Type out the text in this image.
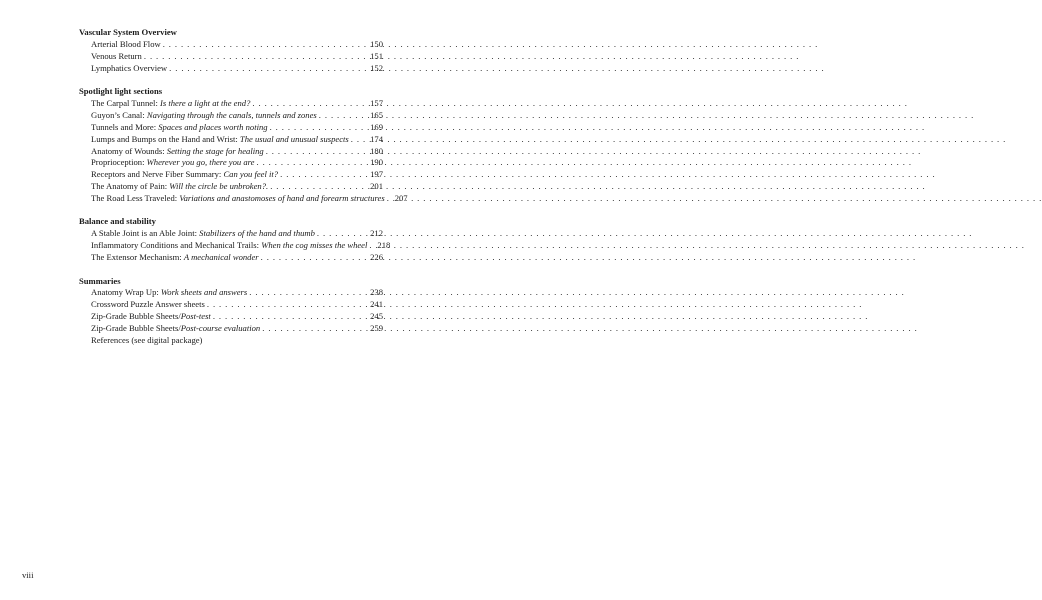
Vascular System Overview
Arterial Blood Flow . . .	150
Venous Return . . .	151
Lymphatics Overview . . .	152
Spotlight light sections
The Carpal Tunnel: Is there a light at the end? . . .	157
Guyon’s Canal: Navigating through the canals, tunnels and zones . . .	165
Tunnels and More: Spaces and places worth noting . . .	169
Lumps and Bumps on the Hand and Wrist: The usual and unusual suspects . . . 174
Anatomy of Wounds: Setting the stage for healing . . .	180
Proprioception: Wherever you go, there you are . . .	190
Receptors and Nerve Fiber Summary: Can you feel it? . . .	197
The Anatomy of Pain: Will the circle be unbroken?. . . .	201
The Road Less Traveled: Variations and anastomoses of hand and forearm structures . . . 207
Balance and stability
A Stable Joint is an Able Joint: Stabilizers of the hand and thumb . . .	212
Inflammatory Conditions and Mechanical Trails: When the cog misses the wheel . . . 218
The Extensor Mechanism: A mechanical wonder . . .	226
Summaries
Anatomy Wrap Up: Work sheets and answers . . .	238
Crossword Puzzle Answer sheets . . .	241
Zip-Grade Bubble Sheets/Post-test . . .	245
Zip-Grade Bubble Sheets/Post-course evaluation . . .	259
References (see digital package)
viii
